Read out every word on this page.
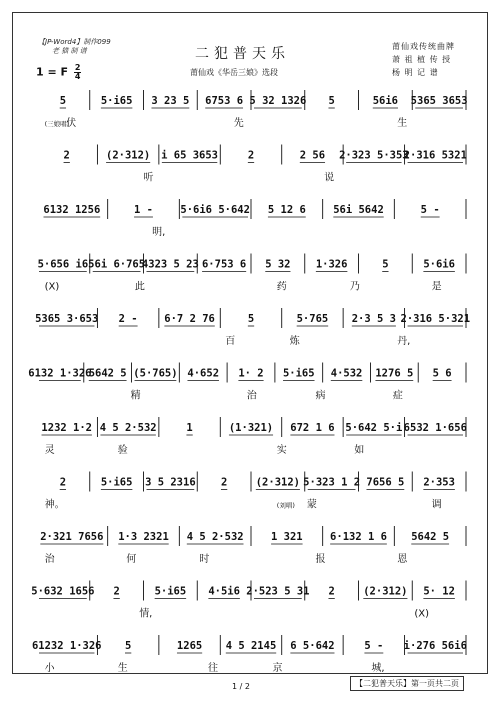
【JP-Word4】制作099
老 猫 制 谱	二犯普天乐
莆仙戏《华岳三娘》选段
莆仙戏传统曲牌
萧 祖 植 传 授
杨 明 记 谱
1 = F $\frac{2}{4}$
5	5·i65 3 23 5 6753 6 5 32 1326 5	56i6 5365 3653
(三娘唱)
伏	先	生
2	(2·312) i 65 3653	2	2 56 2·323 5·353
2·316 5321
听	说
6132 1256	1 -	5·6i6 5·642 5 12 6	56i 5642	5 -
明,
5·656 i6 56i 6·765
4323 5 23 6·753 6 5 32 1·326	5	5·6i6
(X)	此	药	乃	是
5365 3·653 2 -	6·7 2 76	5	5·765 2·3 5 3 2·316 5·321
百	炼	丹,
6132 1·326
5642 5 (5·765) 4·652 1· 2 5·i65 4·532 1276 5 5 6
精	治	病	症
1232 1·2 4 5 2·532	1	(1·321) 672 1 6 5·642 5·i 6532 1·656
灵	验	实	如
2	5·i65 3 5 2316 2	(2·312) 5·323 1 2 7656 5 2·353
神。	(刘唱) 蒙	调
2·321 7656 1·3 2321 4 5 2·532	1 321	6·132 1 6 5642 5
治	何	时	报	恩
5·632 1656 2	5·i65 4·5i6 2·523 5 31 2	(2·312) 5· 12
情,	(X)
61232 1·326 5	1265 4 5 2145 6 5·642	5 - i·276 56i6
小	生	往	京	城,
1 / 2	【二犯普天乐】第一页共二页
